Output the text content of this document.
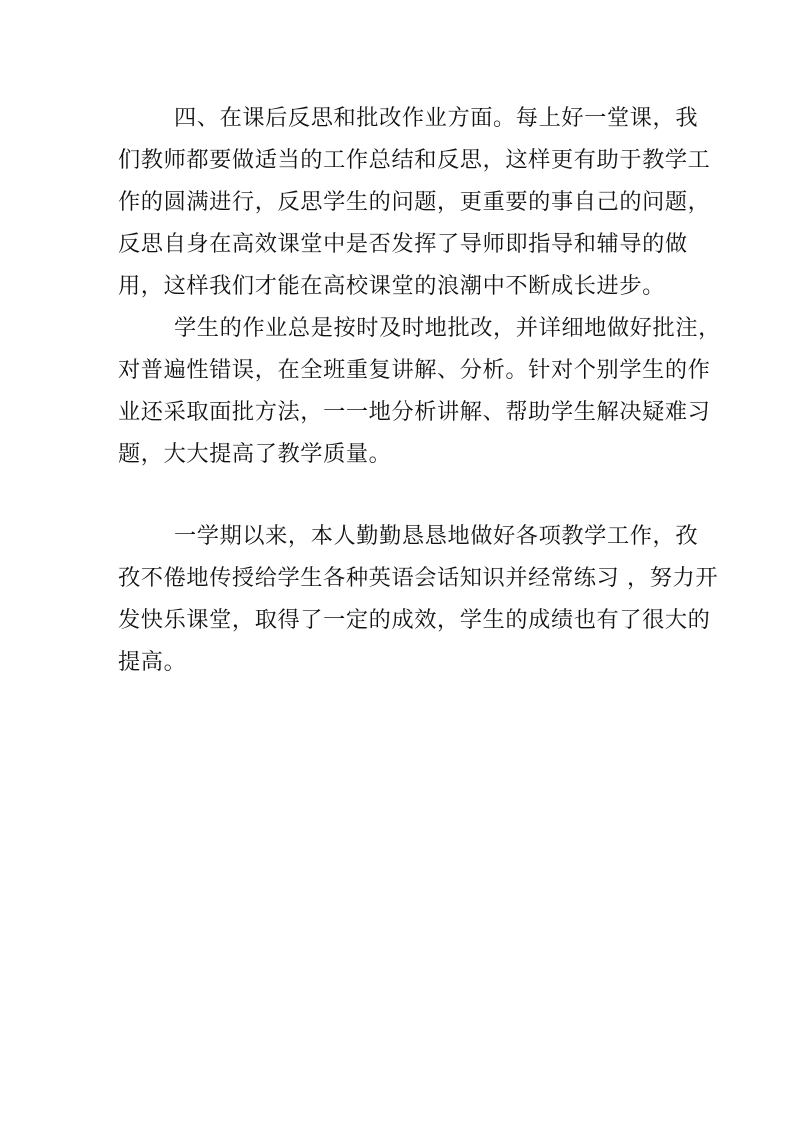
四、在课后反思和批改作业方面。每上好一堂课，我
们教师都要做适当的工作总结和反思，这样更有助于教学工
作的圆满进行，反思学生的问题，更重要的事自己的问题，
反思自身在高效课堂中是否发挥了导师即指导和辅导的做
用，这样我们才能在高校课堂的浪潮中不断成长进步。
学生的作业总是按时及时地批改，并详细地做好批注，
对普遍性错误，在全班重复讲解、分析。针对个别学生的作
业还采取面批方法，一一地分析讲解、帮助学生解决疑难习
题，大大提高了教学质量。
一学期以来，本人勤勤恳恳地做好各项教学工作，孜
孜不倦地传授给学生各种英语会话知识并经常练习 ，努力开
发快乐课堂，取得了一定的成效，学生的成绩也有了很大的
提高。
